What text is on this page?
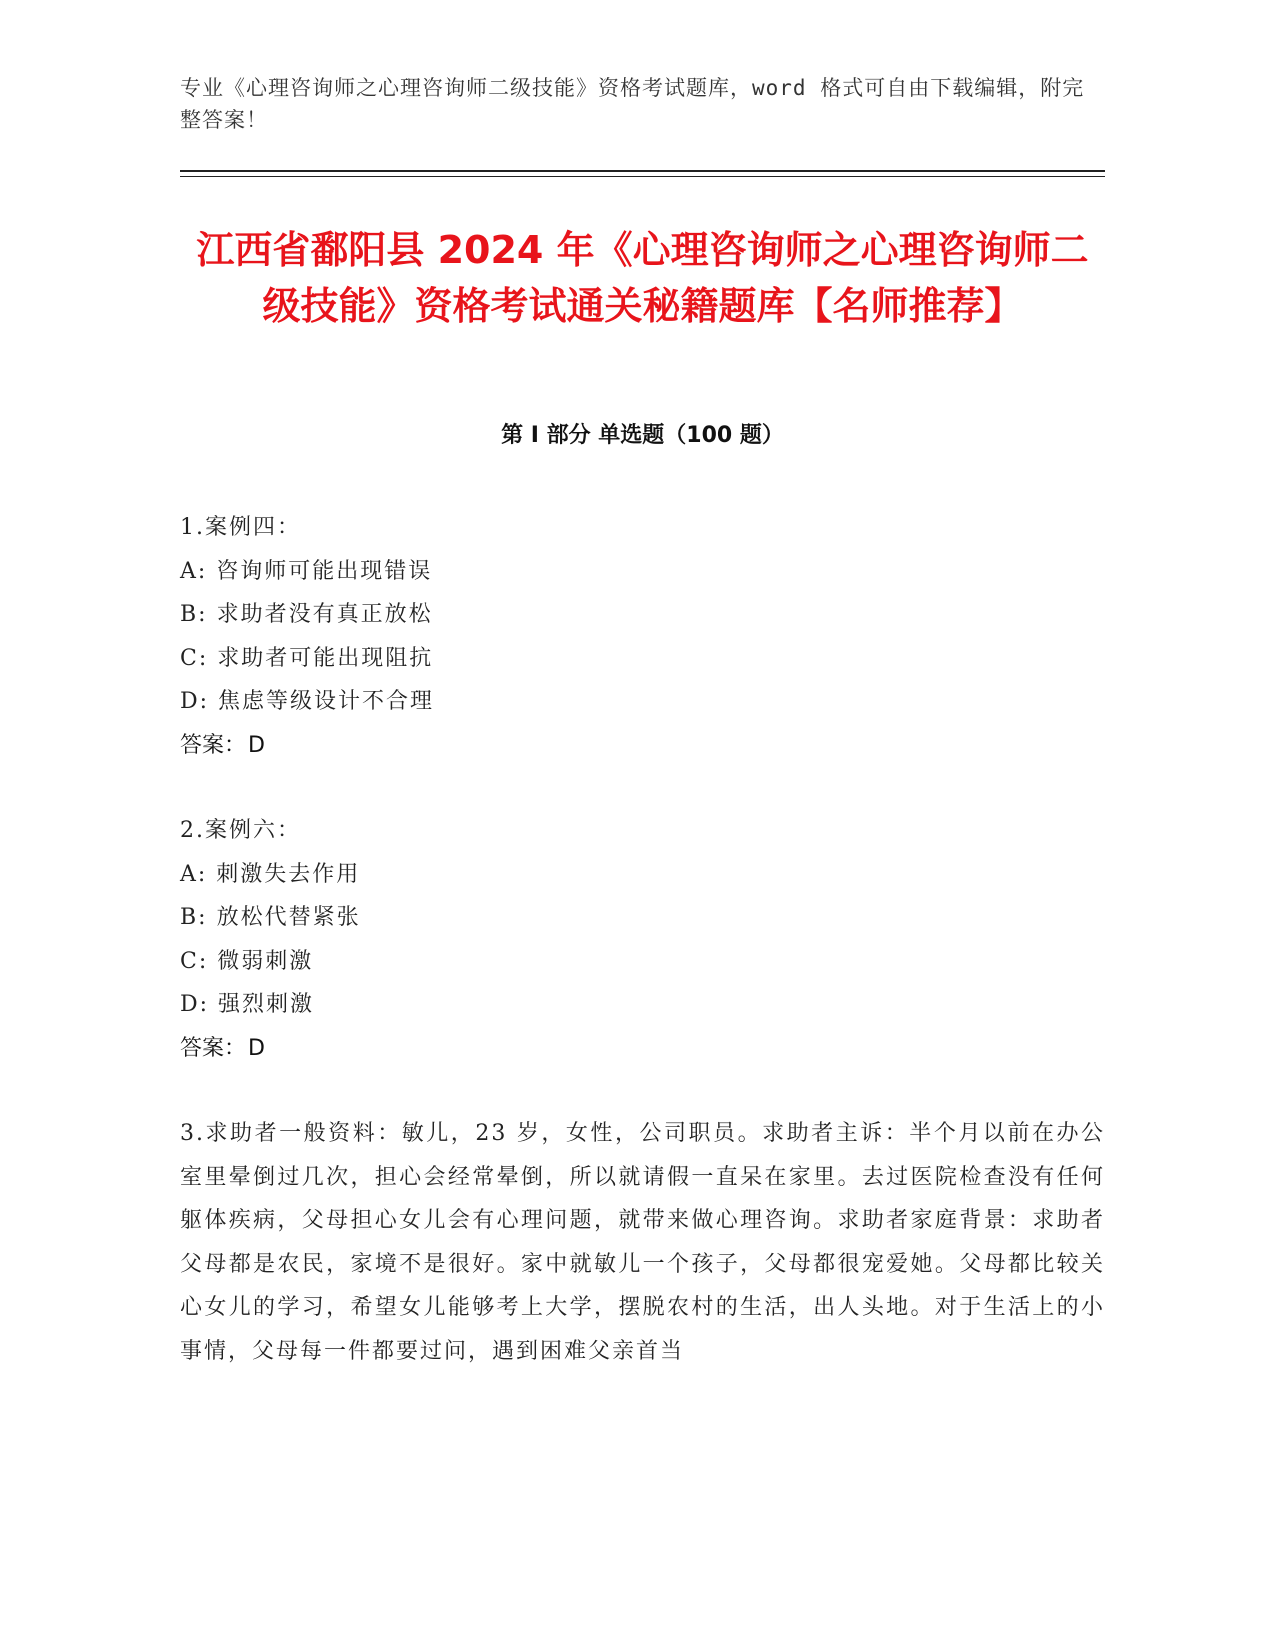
专业《心理咨询师之心理咨询师二级技能》资格考试题库，word 格式可自由下载编辑，附完整答案！

江西省鄱阳县 2024 年《心理咨询师之心理咨询师二级技能》资格考试通关秘籍题库【名师推荐】
第 I 部分 单选题（100 题）

1.案例四：

A: 咨询师可能出现错误

B: 求助者没有真正放松

C: 求助者可能出现阻抗

D: 焦虑等级设计不合理

答案：D

2.案例六：

A: 刺激失去作用

B: 放松代替紧张

C: 微弱刺激

D: 强烈刺激

答案：D

3.求助者一般资料：敏儿，23 岁，女性，公司职员。求助者主诉：半个月以前在办公室里晕倒过几次，担心会经常晕倒，所以就请假一直呆在家里。去过医院检查没有任何躯体疾病，父母担心女儿会有心理问题，就带来做心理咨询。求助者家庭背景：求助者父母都是农民，家境不是很好。家中就敏儿一个孩子，父母都很宠爱她。父母都比较关心女儿的学习，希望女儿能够考上大学，摆脱农村的生活，出人头地。对于生活上的小事情，父母每一件都要过问，遇到困难父亲首当
